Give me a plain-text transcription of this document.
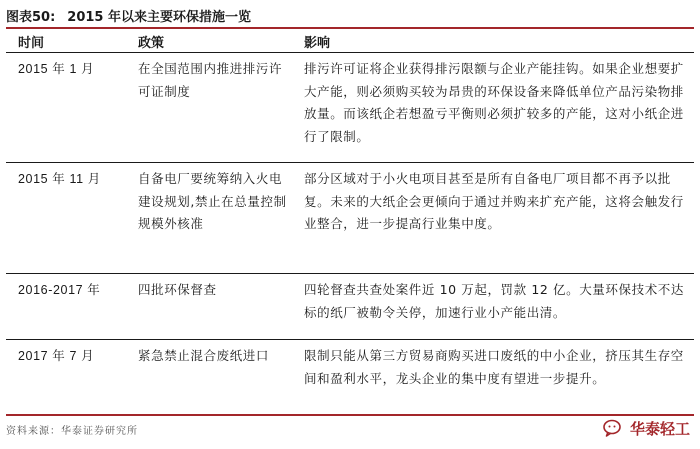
图表50: 2015 年以来主要环保措施一览
时间	政策	影响

2015 年 1 月	在全国范围内推进排污许可证制度	排污许可证将企业获得排污限额与企业产能挂钩。如果企业想要扩大产能，则必须购买较为昂贵的环保设备来降低单位产品污染物排放量。而该纸企若想盈亏平衡则必须扩较多的产能，这对小纸企进行了限制。

2015 年 11 月	自备电厂要统筹纳入火电建设规划,禁止在总量控制规模外核准	部分区域对于小火电项目甚至是所有自备电厂项目都不再予以批复。未来的大纸企会更倾向于通过并购来扩充产能，这将会触发行业整合，进一步提高行业集中度。

2016-2017 年	四批环保督查	四轮督查共查处案件近 10 万起，罚款 12 亿。大量环保技术不达标的纸厂被勒令关停，加速行业小产能出清。

2017 年 7 月	紧急禁止混合废纸进口	限制只能从第三方贸易商购买进口废纸的中小企业，挤压其生存空间和盈利水平，龙头企业的集中度有望进一步提升。
资料来源：华泰证券研究所	华泰轻工
